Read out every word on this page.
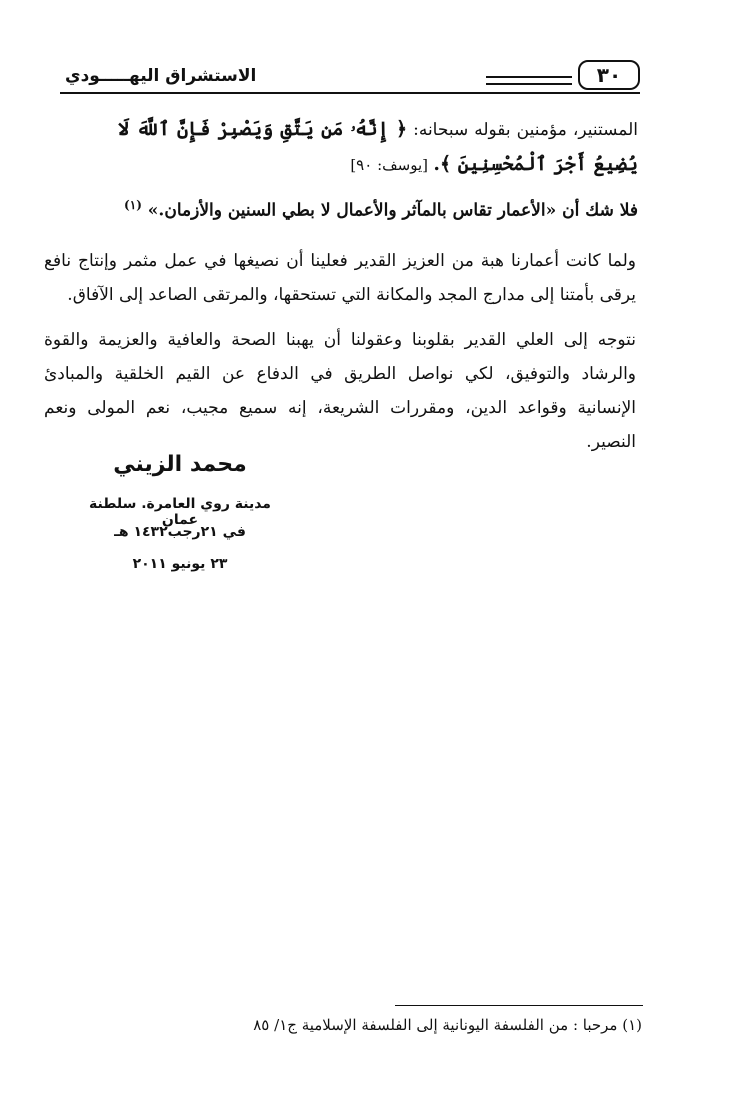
٣٠
الاستشراق اليهـــــودي
المستنير، مؤمنين بقوله سبحانه: ﴿ إِنَّهُۥ مَن يَتَّقِ وَيَصْبِرْ فَإِنَّ ٱللَّهَ لَا يُضِيعُ أَجْرَ ٱلْمُحْسِنِينَ ﴾. [يوسف: ٩٠]
فلا شك أن «الأعمار تقاس بالمآثر والأعمال لا بطي السنين والأزمان.» $^{(١)}$
ولما كانت أعمارنا هبة من العزيز القدير فعلينا أن نصيغها في عمل مثمر وإنتاج نافع يرقى بأمتنا إلى مدارج المجد والمكانة التي تستحقها، والمرتقى الصاعد إلى الآفاق.
نتوجه إلى العلي القدير بقلوبنا وعقولنا أن يهبنا الصحة والعافية والعزيمة والقوة والرشاد والتوفيق، لكي نواصل الطريق في الدفاع عن القيم الخلقية والمبادئ الإنسانية وقواعد الدين، ومقررات الشريعة، إنه سميع مجيب، نعم المولى ونعم النصير.
محمد الزيني
مدينة روي العامرة. سلطنة عمان
في ٢١رجب١٤٣٢ هـ
٢٣ يونيو ٢٠١١
(١) مرحبا : من الفلسفة اليونانية إلى الفلسفة الإسلامية ج١/ ٨٥
